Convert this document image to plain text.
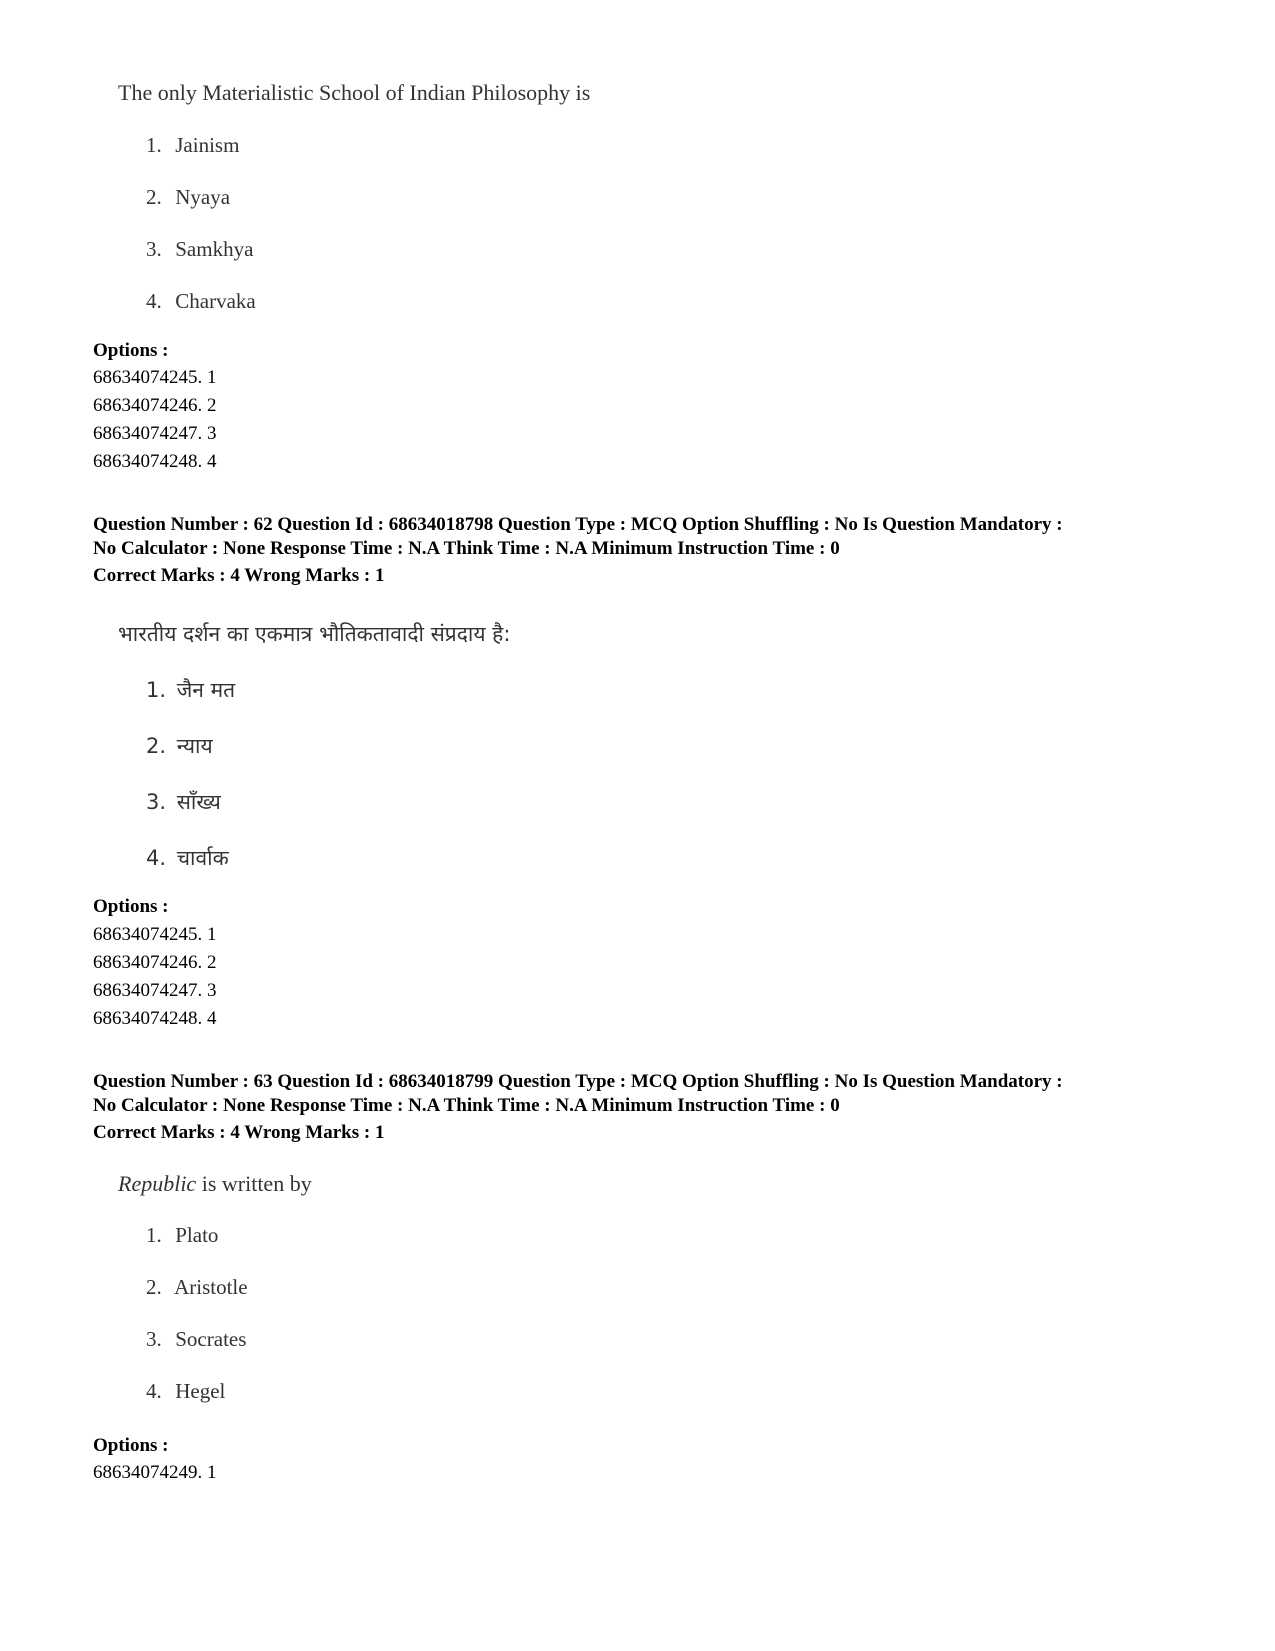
The only Materialistic School of Indian Philosophy is
1. Jainism
2. Nyaya
3. Samkhya
4. Charvaka
Options :
68634074245. 1
68634074246. 2
68634074247. 3
68634074248. 4
Question Number : 62 Question Id : 68634018798 Question Type : MCQ Option Shuffling : No Is Question Mandatory :
No Calculator : None Response Time : N.A Think Time : N.A Minimum Instruction Time : 0
Correct Marks : 4 Wrong Marks : 1
भारतीय दर्शन का एकमात्र भौतिकतावादी संप्रदाय है:
1. जैन मत
2. न्याय
3. साँख्य
4. चार्वाक
Options :
68634074245. 1
68634074246. 2
68634074247. 3
68634074248. 4
Question Number : 63 Question Id : 68634018799 Question Type : MCQ Option Shuffling : No Is Question Mandatory :
No Calculator : None Response Time : N.A Think Time : N.A Minimum Instruction Time : 0
Correct Marks : 4 Wrong Marks : 1
Republic is written by
1. Plato
2. Aristotle
3. Socrates
4. Hegel
Options :
68634074249. 1
